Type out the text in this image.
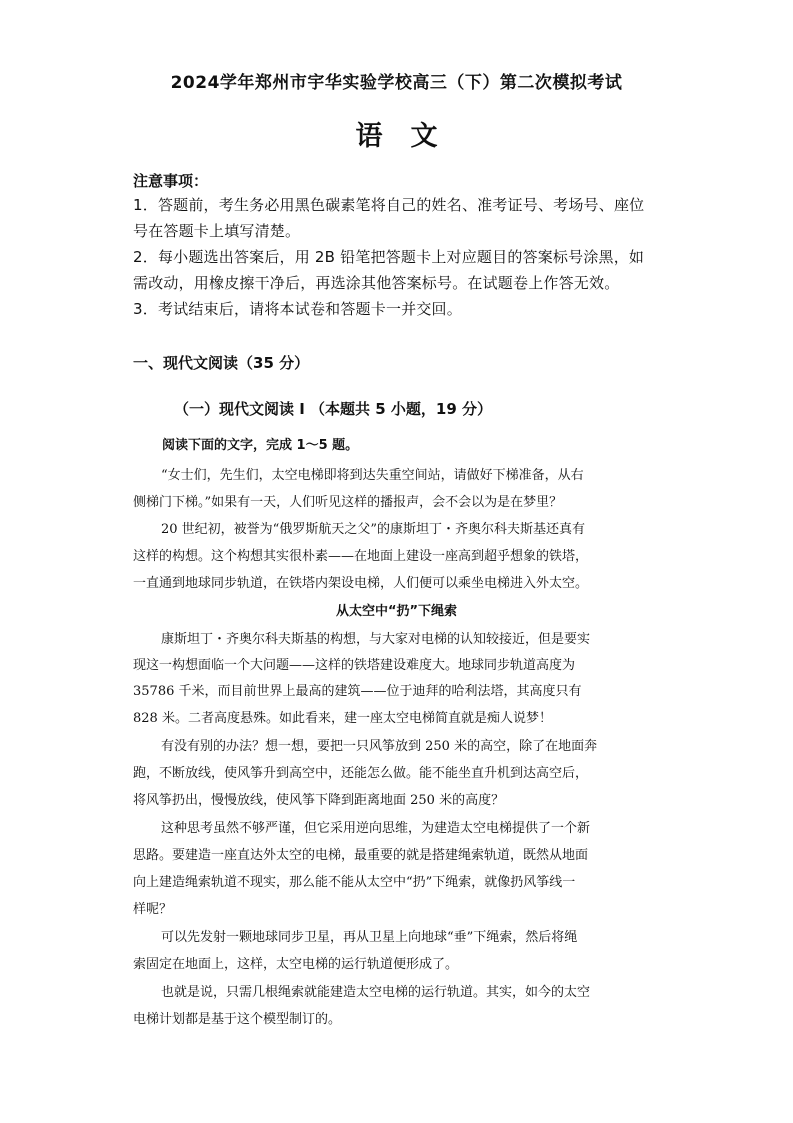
2024学年郑州市宇华实验学校高三（下）第二次模拟考试
语 文
注意事项：
1．答题前，考生务必用黑色碳素笔将自己的姓名、准考证号、考场号、座位
号在答题卡上填写清楚。
2．每小题选出答案后，用 2B 铅笔把答题卡上对应题目的答案标号涂黑，如
需改动，用橡皮擦干净后，再选涂其他答案标号。在试题卷上作答无效。
3．考试结束后，请将本试卷和答题卡一并交回。
一、现代文阅读（35 分）
（一）现代文阅读 I （本题共 5 小题，19 分）
阅读下面的文字，完成 1～5 题。
“女士们，先生们，太空电梯即将到达失重空间站，请做好下梯准备，从右
侧梯门下梯。”如果有一天，人们听见这样的播报声，会不会以为是在梦里？
20 世纪初，被誉为“俄罗斯航天之父”的康斯坦丁・齐奥尔科夫斯基还真有
这样的构想。这个构想其实很朴素——在地面上建设一座高到超乎想象的铁塔，
一直通到地球同步轨道，在铁塔内架设电梯，人们便可以乘坐电梯进入外太空。
从太空中“扔”下绳索
康斯坦丁・齐奥尔科夫斯基的构想，与大家对电梯的认知较接近，但是要实
现这一构想面临一个大问题——这样的铁塔建设难度大。地球同步轨道高度为
35786 千米，而目前世界上最高的建筑——位于迪拜的哈利法塔，其高度只有
828 米。二者高度悬殊。如此看来，建一座太空电梯简直就是痴人说梦！
有没有别的办法？想一想，要把一只风筝放到 250 米的高空，除了在地面奔
跑，不断放线，使风筝升到高空中，还能怎么做。能不能坐直升机到达高空后，
将风筝扔出，慢慢放线，使风筝下降到距离地面 250 米的高度？
这种思考虽然不够严谨，但它采用逆向思维，为建造太空电梯提供了一个新
思路。要建造一座直达外太空的电梯，最重要的就是搭建绳索轨道，既然从地面
向上建造绳索轨道不现实，那么能不能从太空中“扔”下绳索，就像扔风筝线一
样呢？
可以先发射一颗地球同步卫星，再从卫星上向地球“垂”下绳索，然后将绳
索固定在地面上，这样，太空电梯的运行轨道便形成了。
也就是说，只需几根绳索就能建造太空电梯的运行轨道。其实，如今的太空
电梯计划都是基于这个模型制订的。
